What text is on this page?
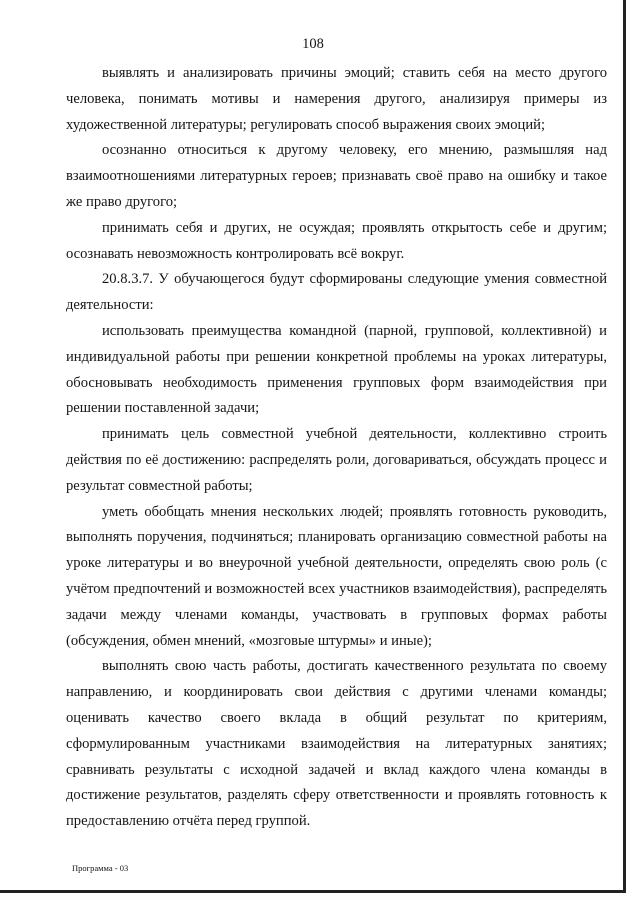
108

выявлять и анализировать причины эмоций; ставить себя на место другого человека, понимать мотивы и намерения другого, анализируя примеры из художественной литературы; регулировать способ выражения своих эмоций;

осознанно относиться к другому человеку, его мнению, размышляя над взаимоотношениями литературных героев; признавать своё право на ошибку и такое же право другого;

принимать себя и других, не осуждая; проявлять открытость себе и другим; осознавать невозможность контролировать всё вокруг.

20.8.3.7. У обучающегося будут сформированы следующие умения совместной деятельности:

использовать преимущества командной (парной, групповой, коллективной) и индивидуальной работы при решении конкретной проблемы на уроках литературы, обосновывать необходимость применения групповых форм взаимодействия при решении поставленной задачи;

принимать цель совместной учебной деятельности, коллективно строить действия по её достижению: распределять роли, договариваться, обсуждать процесс и результат совместной работы;

уметь обобщать мнения нескольких людей; проявлять готовность руководить, выполнять поручения, подчиняться; планировать организацию совместной работы на уроке литературы и во внеурочной учебной деятельности, определять свою роль (с учётом предпочтений и возможностей всех участников взаимодействия), распределять задачи между членами команды, участвовать в групповых формах работы (обсуждения, обмен мнений, «мозговые штурмы» и иные);

выполнять свою часть работы, достигать качественного результата по своему направлению, и координировать свои действия с другими членами команды; оценивать качество своего вклада в общий результат по критериям, сформулированным участниками взаимодействия на литературных занятиях; сравнивать результаты с исходной задачей и вклад каждого члена команды в достижение результатов, разделять сферу ответственности и проявлять готовность к предоставлению отчёта перед группой.

Программа - 03
